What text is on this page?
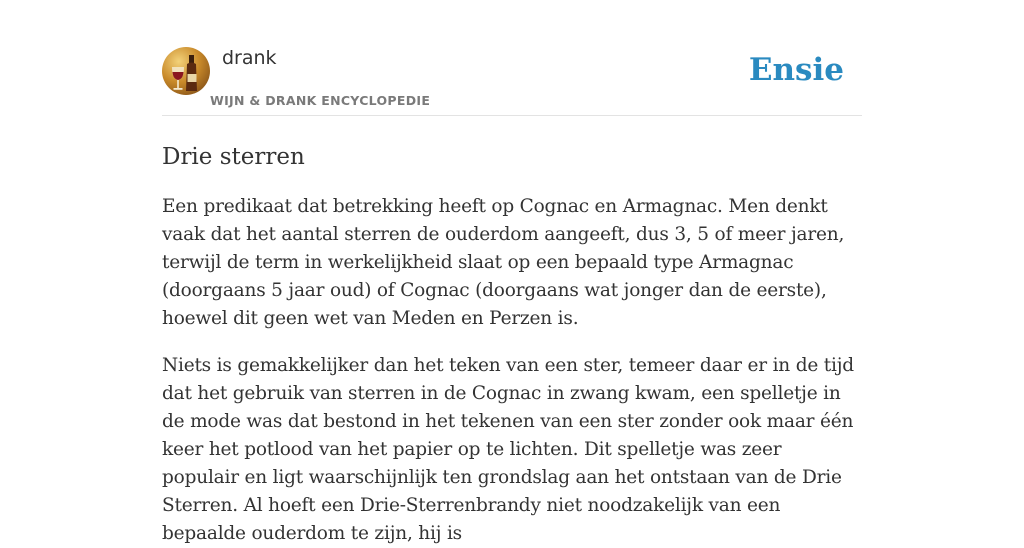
drank
WIJN & DRANK ENCYCLOPEDIE
Ensie
Drie sterren

Een predikaat dat betrekking heeft op Cognac en Armagnac. Men denkt vaak dat het aantal sterren de ouderdom aangeeft, dus 3, 5 of meer jaren, terwijl de term in werkelijkheid slaat op een bepaald type Armagnac (doorgaans 5 jaar oud) of Cognac (doorgaans wat jonger dan de eerste), hoewel dit geen wet van Meden en Perzen is.

Niets is gemakkelijker dan het teken van een ster, temeer daar er in de tijd dat het gebruik van sterren in de Cognac in zwang kwam, een spelletje in de mode was dat bestond in het tekenen van een ster zonder ook maar één keer het potlood van het papier op te lichten. Dit spelletje was zeer populair en ligt waarschijnlijk ten grondslag aan het ontstaan van de Drie Sterren. Al hoeft een Drie-Sterrenbrandy niet noodzakelijk van een bepaalde ouderdom te zijn, hij is
